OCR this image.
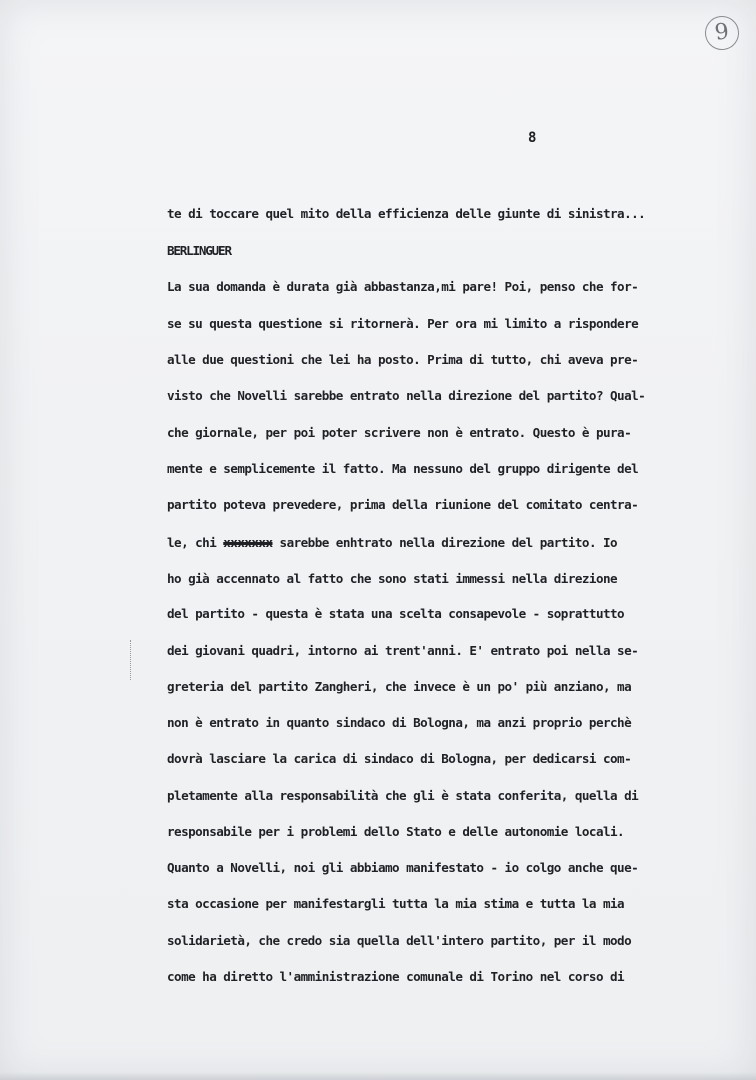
9
8
te di toccare quel mito della efficienza delle giunte di sinistra...
BERLINGUER
La sua domanda è durata già abbastanza,mi pare! Poi, penso che for-
se su questa questione si ritornerà. Per ora mi limito a rispondere
alle due questioni che lei ha posto. Prima di tutto, chi aveva pre-
visto che Novelli sarebbe entrato nella direzione del partito? Qual-
che giornale, per poi poter scrivere non è entrato. Questo è pura-
mente e semplicemente il fatto. Ma nessuno del gruppo dirigente del
partito poteva prevedere, prima della riunione del comitato centra-
le, chi xxxxxxx sarebbe enhtrato nella direzione del partito. Io
ho già accennato al fatto che sono stati immessi nella direzione
del partito - questa è stata una scelta consapevole - soprattutto
dei giovani quadri, intorno ai trent'anni. E' entrato poi nella se-
greteria del partito Zangheri, che invece è un po' più anziano, ma
non è entrato in quanto sindaco di Bologna, ma anzi proprio perchè
dovrà lasciare la carica di sindaco di Bologna, per dedicarsi com-
pletamente alla responsabilità che gli è stata conferita, quella di
responsabile per i problemi dello Stato e delle autonomie locali.
Quanto a Novelli, noi gli abbiamo manifestato - io colgo anche que-
sta occasione per manifestargli tutta la mia stima e tutta la mia
solidarietà, che credo sia quella dell'intero partito, per il modo
come ha diretto l'amministrazione comunale di Torino nel corso di
